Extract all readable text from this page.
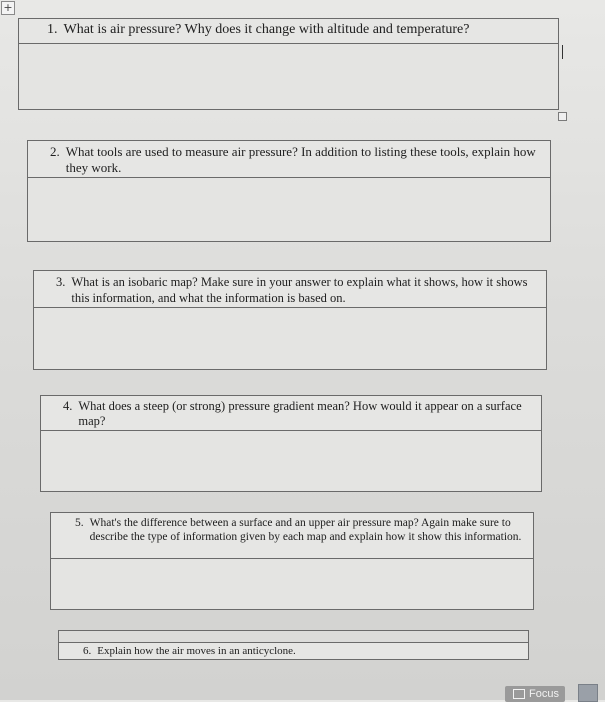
+
1. What is air pressure? Why does it change with altitude and temperature?
2. What tools are used to measure air pressure? In addition to listing these tools, explain how they work.
3. What is an isobaric map? Make sure in your answer to explain what it shows, how it shows this information, and what the information is based on.
4. What does a steep (or strong) pressure gradient mean? How would it appear on a surface map?
5. What's the difference between a surface and an upper air pressure map? Again make sure to describe the type of information given by each map and explain how it show this information.
6. Explain how the air moves in an anticyclone.
Focus
